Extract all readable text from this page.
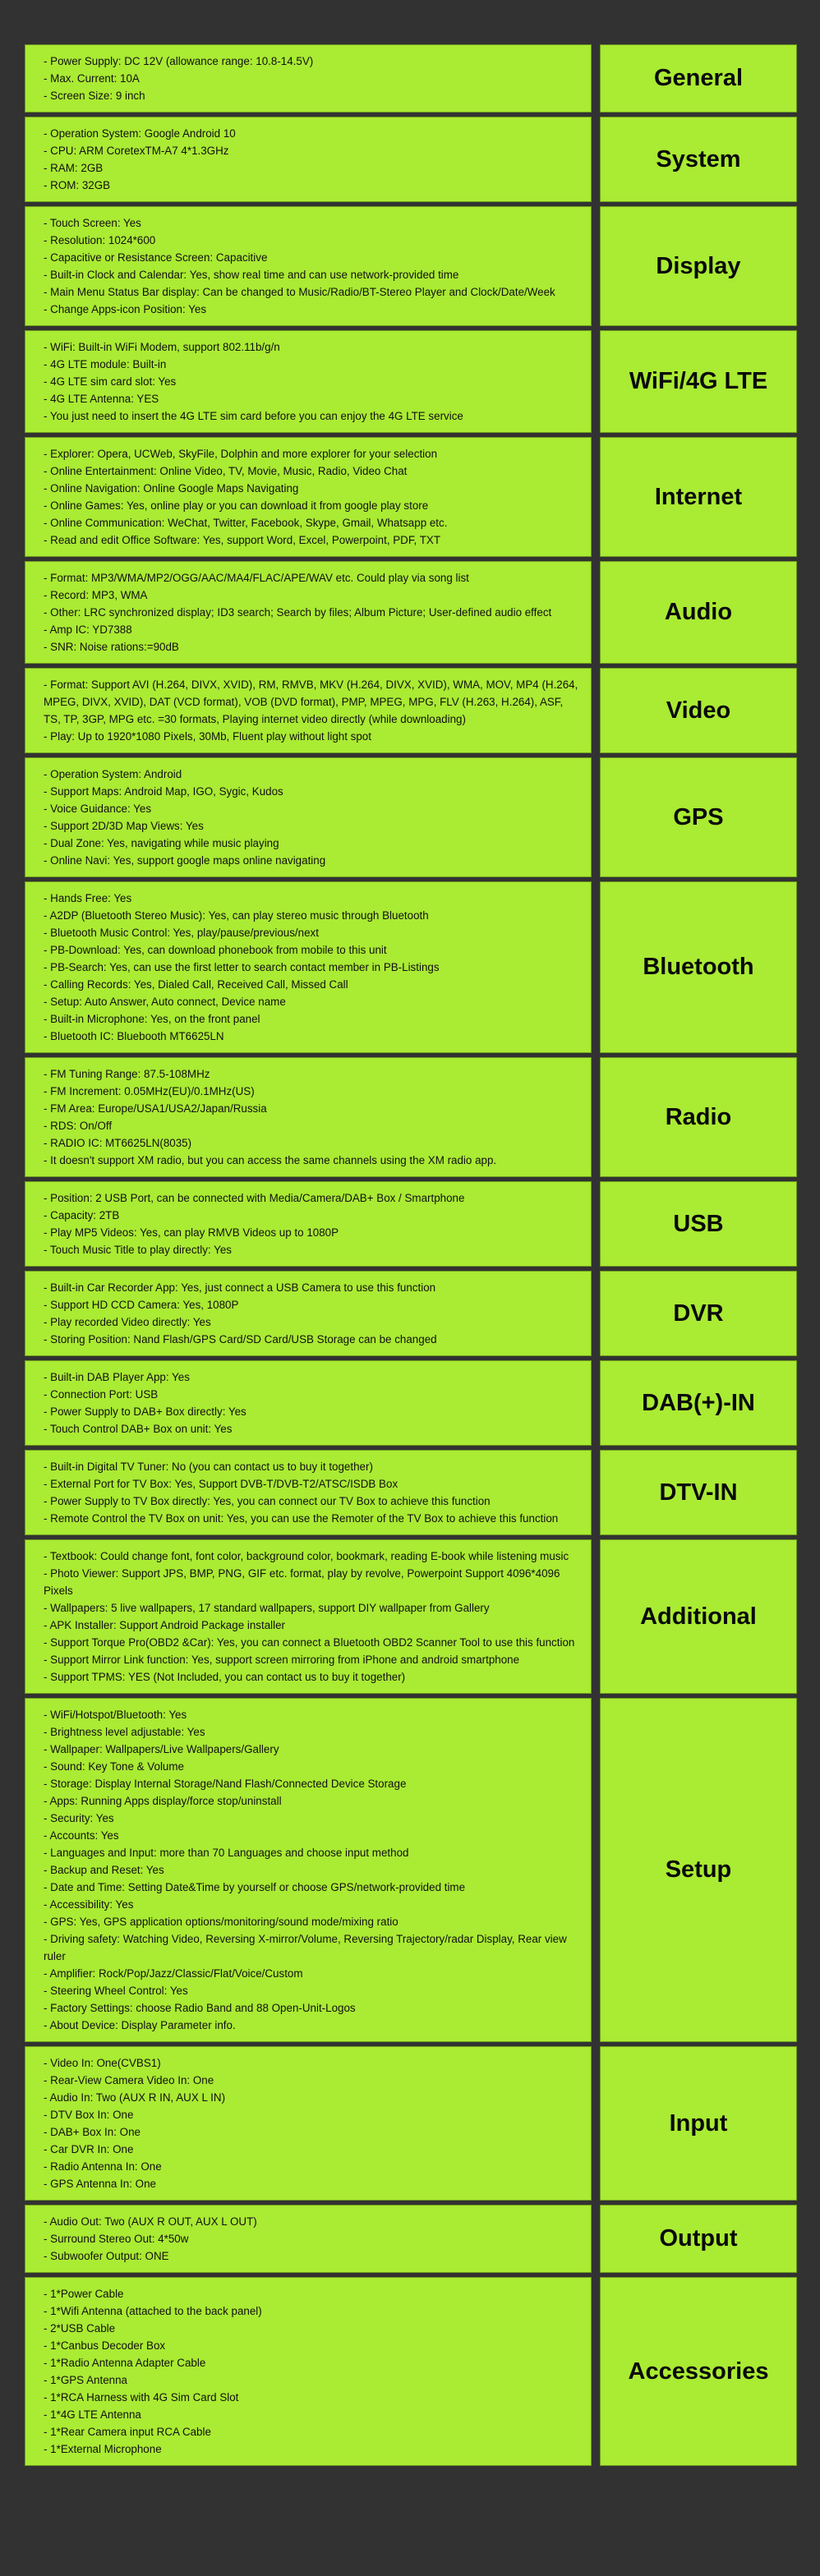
- Power Supply: DC 12V (allowance range: 10.8-14.5V)

- Max. Current: 10A

- Screen Size: 9 inch

General

- Operation System: Google Android 10

- CPU: ARM CoretexTM-A7 4*1.3GHz

- RAM: 2GB

- ROM: 32GB

System

- Touch Screen: Yes

- Resolution: 1024*600

- Capacitive or Resistance Screen: Capacitive

- Built-in Clock and Calendar: Yes, show real time and can use network-provided time

- Main Menu Status Bar display: Can be changed to Music/Radio/BT-Stereo Player and Clock/Date/Week

- Change Apps-icon Position: Yes

Display

- WiFi: Built-in WiFi Modem, support 802.11b/g/n

- 4G LTE module: Built-in

- 4G LTE sim card slot: Yes

- 4G LTE Antenna: YES

- You just need to insert the 4G LTE sim card before you can enjoy the 4G LTE service

WiFi/4G LTE

- Explorer: Opera, UCWeb, SkyFile, Dolphin and more explorer for your selection

- Online Entertainment: Online Video, TV, Movie, Music, Radio, Video Chat

- Online Navigation: Online Google Maps Navigating

- Online Games: Yes, online play or you can download it from google play store

- Online Communication: WeChat, Twitter, Facebook, Skype, Gmail, Whatsapp etc.

- Read and edit Office Software: Yes, support Word, Excel, Powerpoint, PDF, TXT

Internet

- Format: MP3/WMA/MP2/OGG/AAC/MA4/FLAC/APE/WAV etc. Could play via song list

- Record: MP3, WMA

- Other: LRC synchronized display; ID3 search; Search by files; Album Picture; User-defined audio effect

- Amp IC: YD7388

- SNR: Noise rations:=90dB

Audio

- Format: Support AVI (H.264, DIVX, XVID), RM, RMVB, MKV (H.264, DIVX, XVID), WMA, MOV, MP4 (H.264, MPEG, DIVX, XVID), DAT (VCD format), VOB (DVD format), PMP, MPEG, MPG, FLV (H.263, H.264), ASF, TS, TP, 3GP, MPG etc. =30 formats, Playing internet video directly (while downloading)

- Play: Up to 1920*1080 Pixels, 30Mb, Fluent play without light spot

Video

- Operation System: Android

- Support Maps: Android Map, IGO, Sygic, Kudos

- Voice Guidance: Yes

- Support 2D/3D Map Views: Yes

- Dual Zone: Yes, navigating while music playing

- Online Navi: Yes, support google maps online navigating

GPS

- Hands Free: Yes

- A2DP (Bluetooth Stereo Music): Yes, can play stereo music through Bluetooth

- Bluetooth Music Control: Yes, play/pause/previous/next

- PB-Download: Yes, can download phonebook from mobile to this unit

- PB-Search: Yes, can use the first letter to search contact member in PB-Listings

- Calling Records: Yes, Dialed Call, Received Call, Missed Call

- Setup: Auto Answer, Auto connect, Device name

- Built-in Microphone: Yes, on the front panel

- Bluetooth IC: Bluebooth MT6625LN

Bluetooth

- FM Tuning Range: 87.5-108MHz

- FM Increment: 0.05MHz(EU)/0.1MHz(US)

- FM Area: Europe/USA1/USA2/Japan/Russia

- RDS: On/Off

- RADIO IC: MT6625LN(8035)

- It doesn't support XM radio, but you can access the same channels using the XM radio app.

Radio

- Position: 2 USB Port, can be connected with Media/Camera/DAB+ Box / Smartphone

- Capacity: 2TB

- Play MP5 Videos: Yes, can play RMVB Videos up to 1080P

- Touch Music Title to play directly: Yes

USB

- Built-in Car Recorder App: Yes, just connect a USB Camera to use this function

- Support HD CCD Camera: Yes, 1080P

- Play recorded Video directly: Yes

- Storing Position: Nand Flash/GPS Card/SD Card/USB Storage can be changed

DVR

- Built-in DAB Player App: Yes

- Connection Port: USB

- Power Supply to DAB+ Box directly: Yes

- Touch Control DAB+ Box on unit: Yes

DAB(+)-IN

- Built-in Digital TV Tuner: No (you can contact us to buy it together)

- External Port for TV Box: Yes, Support DVB-T/DVB-T2/ATSC/ISDB Box

- Power Supply to TV Box directly: Yes, you can connect our TV Box to achieve this function

- Remote Control the TV Box on unit: Yes, you can use the Remoter of the TV Box to achieve this function

DTV-IN

- Textbook: Could change font, font color, background color, bookmark, reading E-book while listening music

- Photo Viewer: Support JPS, BMP, PNG, GIF etc. format, play by revolve, Powerpoint Support 4096*4096 Pixels

- Wallpapers: 5 live wallpapers, 17 standard wallpapers, support DIY wallpaper from Gallery

- APK Installer: Support Android Package installer

- Support Torque Pro(OBD2 &Car): Yes, you can connect a Bluetooth OBD2 Scanner Tool to use this function

- Support Mirror Link function: Yes, support screen mirroring from iPhone and android smartphone

- Support TPMS: YES (Not Included, you can contact us to buy it together)

Additional

- WiFi/Hotspot/Bluetooth: Yes

- Brightness level adjustable: Yes

- Wallpaper: Wallpapers/Live Wallpapers/Gallery

- Sound: Key Tone & Volume

- Storage: Display Internal Storage/Nand Flash/Connected Device Storage

- Apps: Running Apps display/force stop/uninstall

- Security: Yes

- Accounts: Yes

- Languages and Input: more than 70 Languages and choose input method

- Backup and Reset: Yes

- Date and Time: Setting Date&Time by yourself or choose GPS/network-provided time

- Accessibility: Yes

- GPS: Yes, GPS application options/monitoring/sound mode/mixing ratio

- Driving safety: Watching Video, Reversing X-mirror/Volume, Reversing Trajectory/radar Display, Rear view ruler

- Amplifier: Rock/Pop/Jazz/Classic/Flat/Voice/Custom

- Steering Wheel Control: Yes

- Factory Settings: choose Radio Band and 88 Open-Unit-Logos

- About Device: Display Parameter info.

Setup

- Video In: One(CVBS1)

- Rear-View Camera Video In: One

- Audio In: Two (AUX R IN, AUX L IN)

- DTV Box In: One

- DAB+ Box In: One

- Car DVR In: One

- Radio Antenna In: One

- GPS Antenna In: One

Input

- Audio Out: Two (AUX R OUT, AUX L OUT)

- Surround Stereo Out: 4*50w

- Subwoofer Output: ONE

Output

- 1*Power Cable

- 1*Wifi Antenna (attached to the back panel)

- 2*USB Cable

- 1*Canbus Decoder Box

- 1*Radio Antenna Adapter Cable

- 1*GPS Antenna

- 1*RCA Harness with 4G Sim Card Slot

- 1*4G LTE Antenna

- 1*Rear Camera input RCA Cable

- 1*External Microphone

Accessories
